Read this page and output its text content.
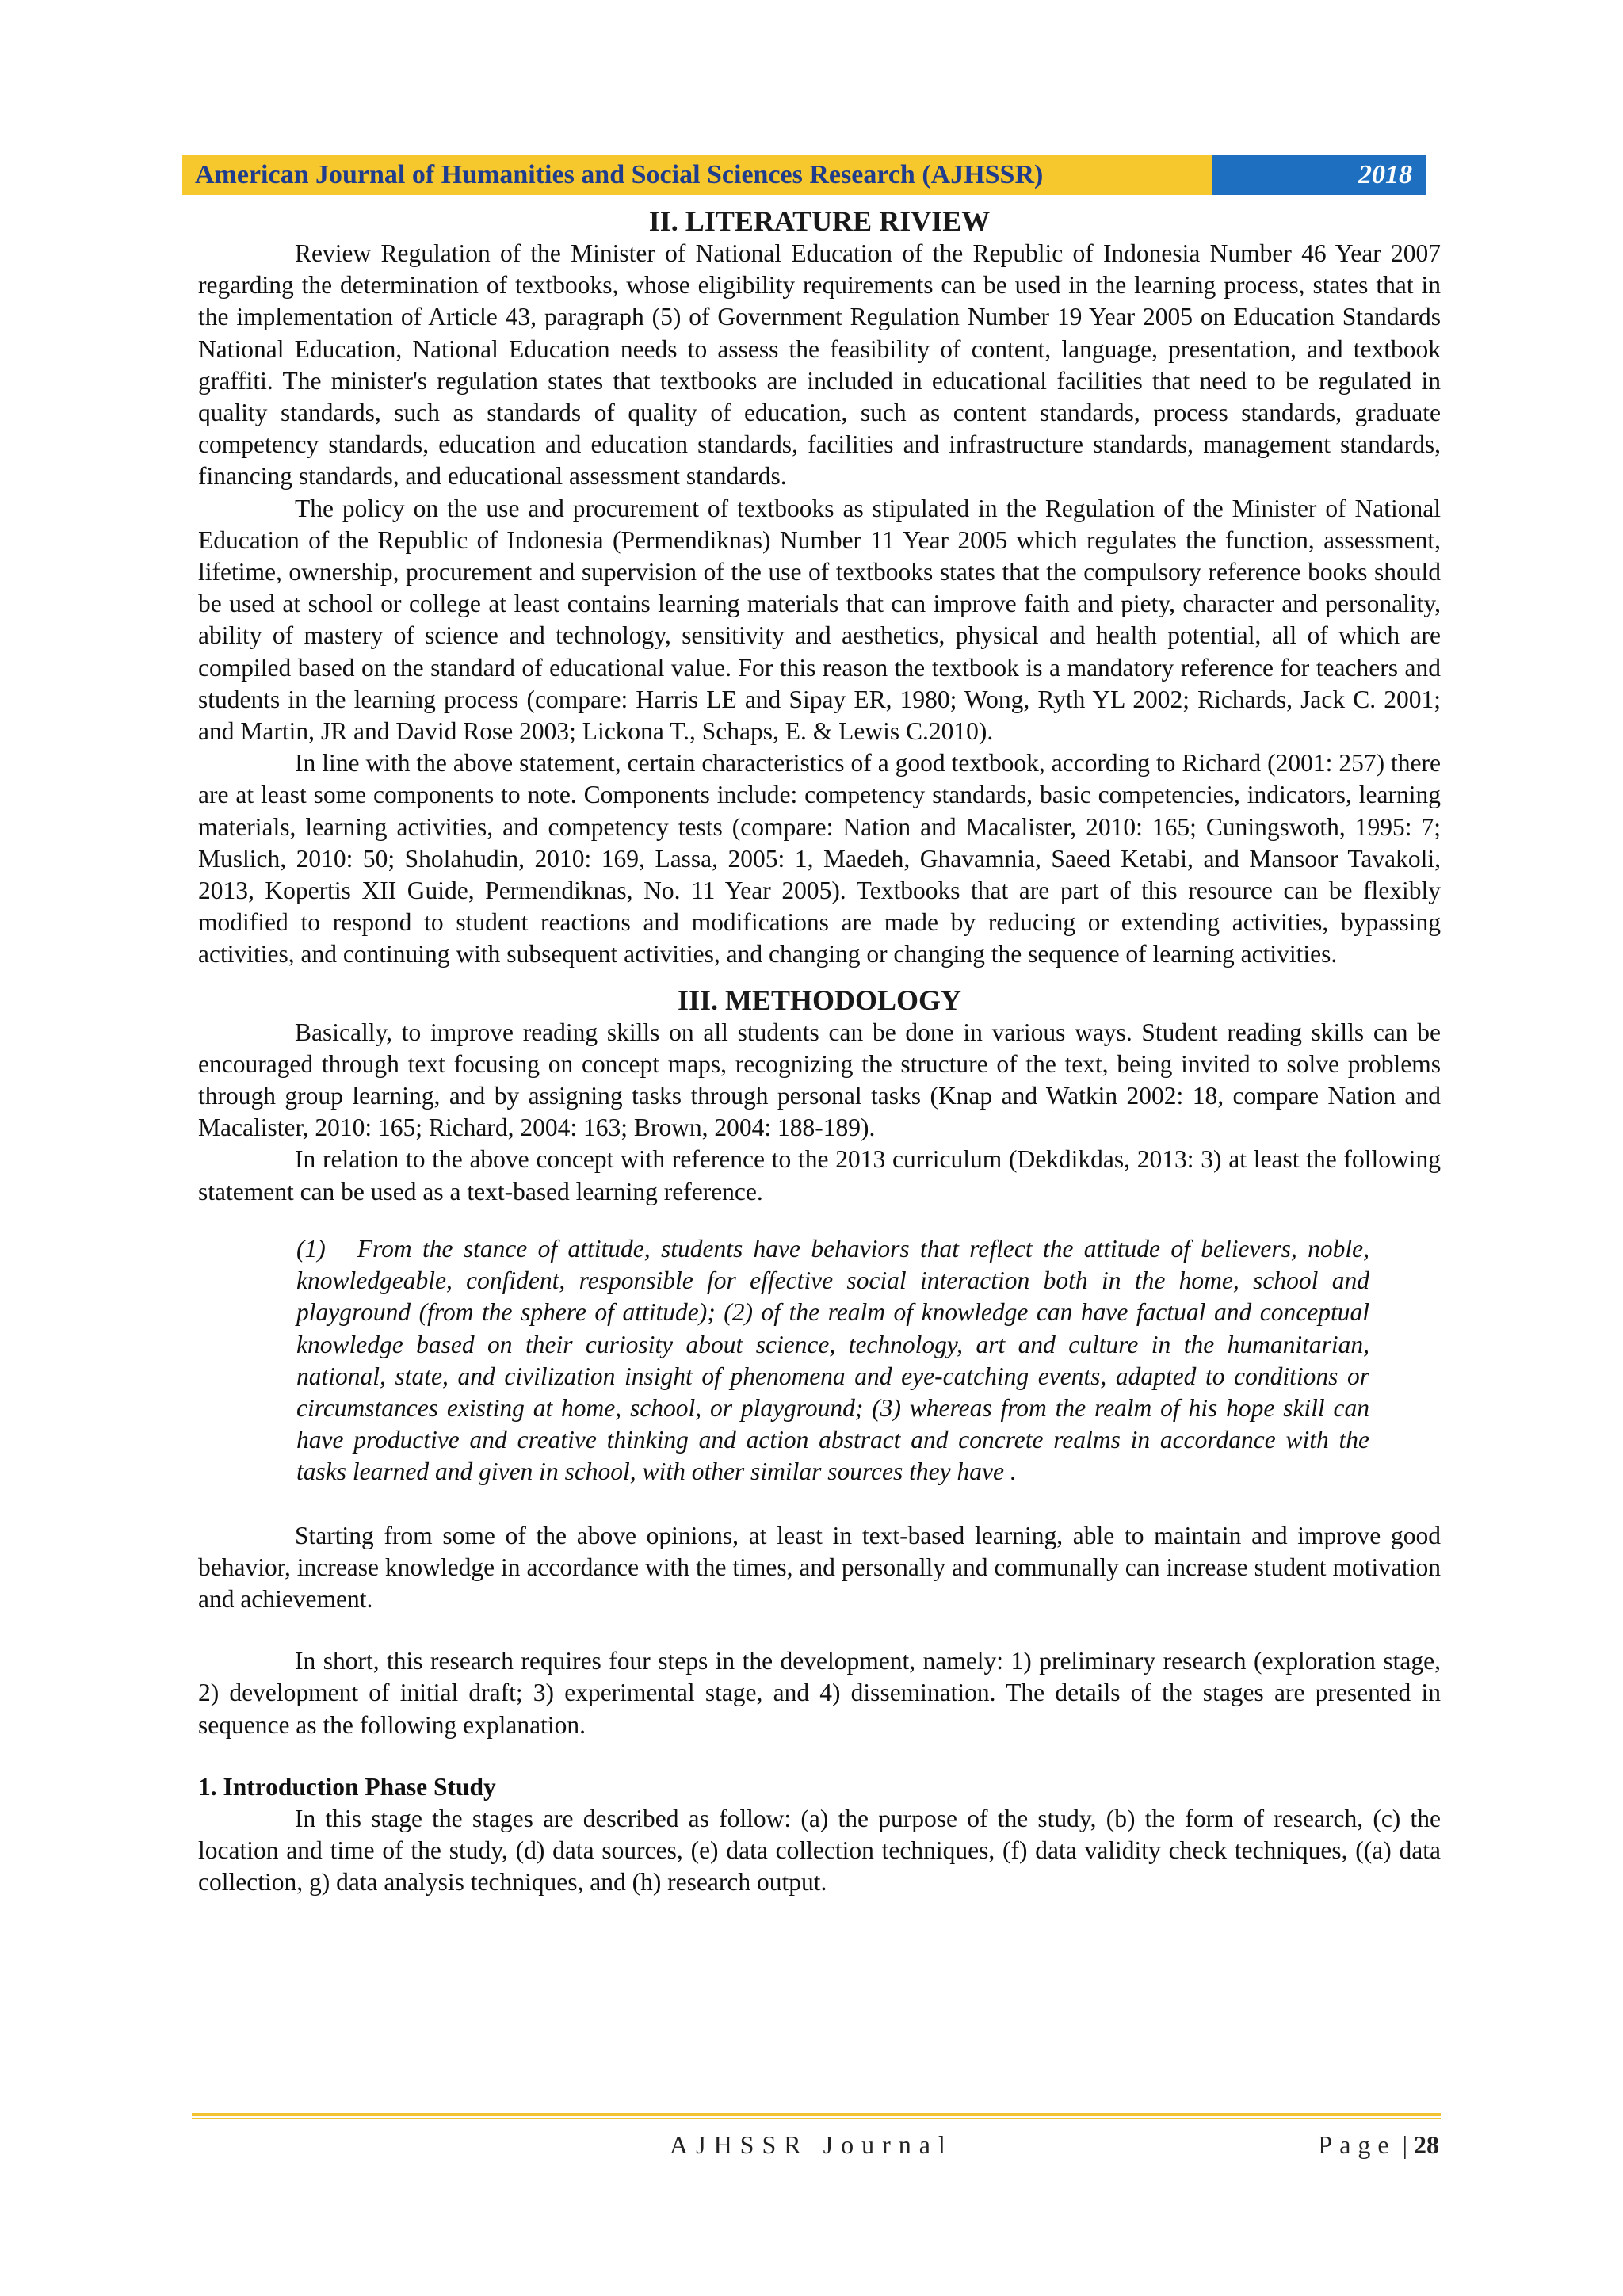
American Journal of Humanities and Social Sciences Research (AJHSSR)	2018
II. LITERATURE RIVIEW

Review Regulation of the Minister of National Education of the Republic of Indonesia Number 46 Year 2007 regarding the determination of textbooks, whose eligibility requirements can be used in the learning process, states that in the implementation of Article 43, paragraph (5) of Government Regulation Number 19 Year 2005 on Education Standards National Education, National Education needs to assess the feasibility of content, language, presentation, and textbook graffiti. The minister's regulation states that textbooks are included in educational facilities that need to be regulated in quality standards, such as standards of quality of education, such as content standards, process standards, graduate competency standards, education and education standards, facilities and infrastructure standards, management standards, financing standards, and educational assessment standards.

The policy on the use and procurement of textbooks as stipulated in the Regulation of the Minister of National Education of the Republic of Indonesia (Permendiknas) Number 11 Year 2005 which regulates the function, assessment, lifetime, ownership, procurement and supervision of the use of textbooks states that the compulsory reference books should be used at school or college at least contains learning materials that can improve faith and piety, character and personality, ability of mastery of science and technology, sensitivity and aesthetics, physical and health potential, all of which are compiled based on the standard of educational value. For this reason the textbook is a mandatory reference for teachers and students in the learning process (compare: Harris LE and Sipay ER, 1980; Wong, Ryth YL 2002; Richards, Jack C. 2001; and Martin, JR and David Rose 2003; Lickona T., Schaps, E. & Lewis C.2010).

In line with the above statement, certain characteristics of a good textbook, according to Richard (2001: 257) there are at least some components to note. Components include: competency standards, basic competencies, indicators, learning materials, learning activities, and competency tests (compare: Nation and Macalister, 2010: 165; Cuningswoth, 1995: 7; Muslich, 2010: 50; Sholahudin, 2010: 169, Lassa, 2005: 1, Maedeh, Ghavamnia, Saeed Ketabi, and Mansoor Tavakoli, 2013, Kopertis XII Guide, Permendiknas, No. 11 Year 2005). Textbooks that are part of this resource can be flexibly modified to respond to student reactions and modifications are made by reducing or extending activities, bypassing activities, and continuing with subsequent activities, and changing or changing the sequence of learning activities.

III. METHODOLOGY

Basically, to improve reading skills on all students can be done in various ways. Student reading skills can be encouraged through text focusing on concept maps, recognizing the structure of the text, being invited to solve problems through group learning, and by assigning tasks through personal tasks (Knap and Watkin 2002: 18, compare Nation and Macalister, 2010: 165; Richard, 2004: 163; Brown, 2004: 188-189).

In relation to the above concept with reference to the 2013 curriculum (Dekdikdas, 2013: 3) at least the following statement can be used as a text-based learning reference.

(1) From the stance of attitude, students have behaviors that reflect the attitude of believers, noble, knowledgeable, confident, responsible for effective social interaction both in the home, school and playground (from the sphere of attitude); (2) of the realm of knowledge can have factual and conceptual knowledge based on their curiosity about science, technology, art and culture in the humanitarian, national, state, and civilization insight of phenomena and eye-catching events, adapted to conditions or circumstances existing at home, school, or playground; (3) whereas from the realm of his hope skill can have productive and creative thinking and action abstract and concrete realms in accordance with the tasks learned and given in school, with other similar sources they have .

Starting from some of the above opinions, at least in text-based learning, able to maintain and improve good behavior, increase knowledge in accordance with the times, and personally and communally can increase student motivation and achievement.

In short, this research requires four steps in the development, namely: 1) preliminary research (exploration stage, 2) development of initial draft; 3) experimental stage, and 4) dissemination. The details of the stages are presented in sequence as the following explanation.

1. Introduction Phase Study

In this stage the stages are described as follow: (a) the purpose of the study, (b) the form of research, (c) the location and time of the study, (d) data sources, (e) data collection techniques, (f) data validity check techniques, ((a) data collection, g) data analysis techniques, and (h) research output.

AJHSSR Journal	Page | 28
